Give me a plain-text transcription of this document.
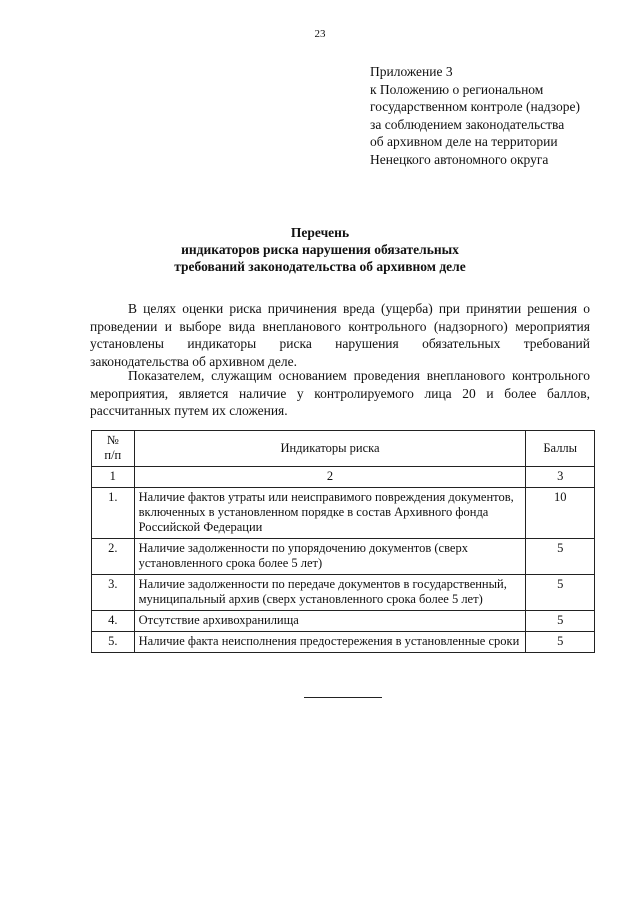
23
Приложение 3
к Положению о региональном
государственном контроле (надзоре)
за соблюдением законодательства
об архивном деле на территории
Ненецкого автономного округа
Перечень
индикаторов риска нарушения обязательных
требований законодательства об архивном деле
В целях оценки риска причинения вреда (ущерба) при принятии решения о проведении и выборе вида внепланового контрольного (надзорного) мероприятия установлены индикаторы риска нарушения обязательных требований законодательства об архивном деле.
Показателем, служащим основанием проведения внепланового контрольного мероприятия, является наличие у контролируемого лица 20 и более баллов, рассчитанных путем их сложения.
№
п/п	Индикаторы риска	Баллы
1	2	3
1.	Наличие фактов утраты или неисправимого повреждения документов, включенных в установленном порядке в состав Архивного фонда Российской Федерации	10
2.	Наличие задолженности по упорядочению документов (сверх установленного срока более 5 лет)	5
3.	Наличие задолженности по передаче документов в государственный, муниципальный архив (сверх установленного срока более 5 лет)	5
4.	Отсутствие архивохранилища	5
5.	Наличие факта неисполнения предостережения в установленные сроки	5
